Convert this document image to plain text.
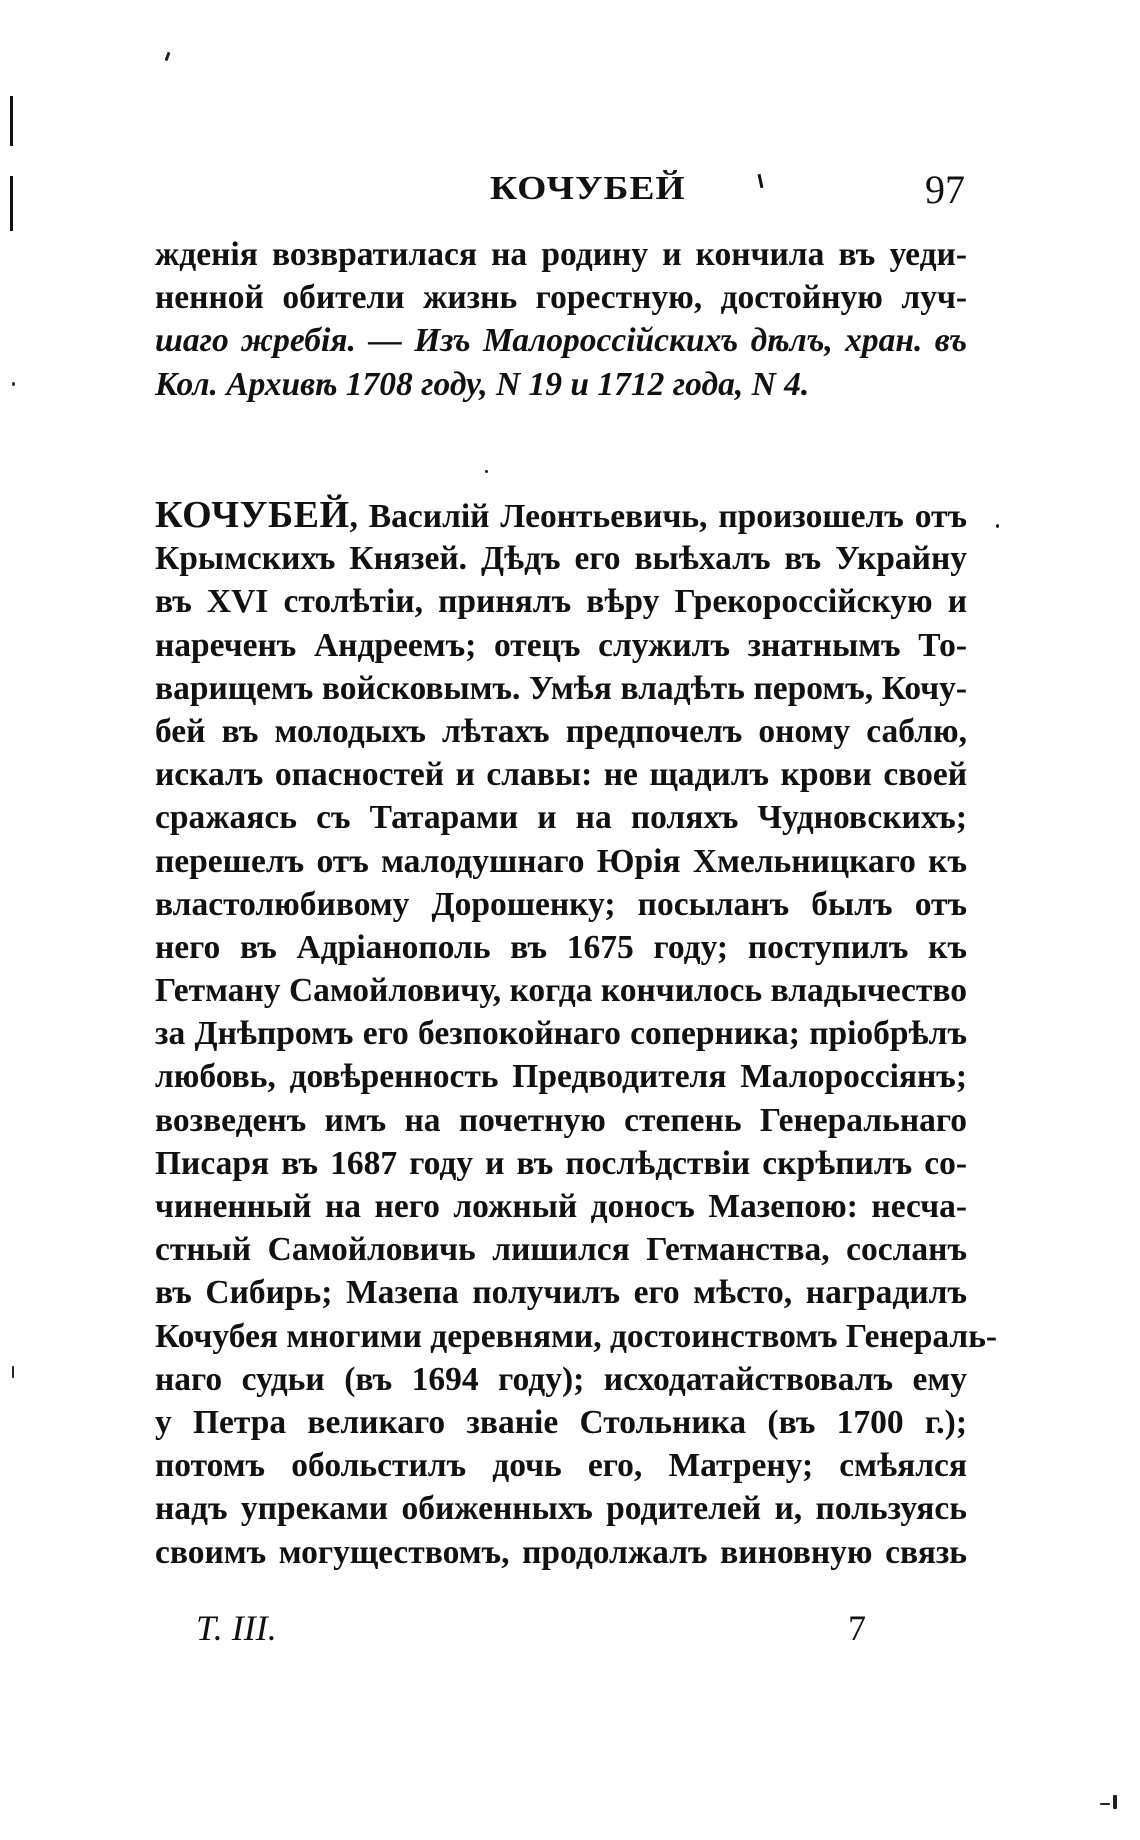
КОЧУБЕЙ	97
жденія возвратилася на родину и кончила въ уеди-
ненной обители жизнь горестную, достойную луч-
шаго жребія. — Изъ Малороссійскихъ дѣлъ, хран. въ
Кол. Архивѣ 1708 году, N 19 и 1712 года, N 4.
КОЧУБЕЙ, Василій Леонтьевичь, произошелъ отъ
Крымскихъ Князей. Дѣдъ его выѣхалъ въ Украйну
въ XVI столѣтіи, принялъ вѣру Грекороссійскую и
нареченъ Андреемъ; отецъ служилъ знатнымъ То-
варищемъ войсковымъ. Умѣя владѣть перомъ, Кочу-
бей въ молодыхъ лѣтахъ предпочелъ оному саблю,
искалъ опасностей и славы: не щадилъ крови своей
сражаясь съ Татарами и на поляхъ Чудновскихъ;
перешелъ отъ малодушнаго Юрія Хмельницкаго къ
властолюбивому Дорошенку; посыланъ былъ отъ
него въ Адріанополь въ 1675 году; поступилъ къ
Гетману Самойловичу, когда кончилось владычество
за Днѣпромъ его безпокойнаго соперника; пріобрѣлъ
любовь, довѣренность Предводителя Малороссіянъ;
возведенъ имъ на почетную степень Генеральнаго
Писаря въ 1687 году и въ послѣдствіи скрѣпилъ со-
чиненный на него ложный доносъ Мазепою: несча-
стный Самойловичь лишился Гетманства, сосланъ
въ Сибирь; Мазепа получилъ его мѣсто, наградилъ
Кочубея многими деревнями, достоинствомъ Генераль-
наго судьи (въ 1694 году); исходатайствовалъ ему
у Петра великаго званіе Стольника (въ 1700 г.);
потомъ обольстилъ дочь его, Матрену; смѣялся
надъ упреками обиженныхъ родителей и, пользуясь
своимъ могуществомъ, продолжалъ виновную связь
Т. III.	7
